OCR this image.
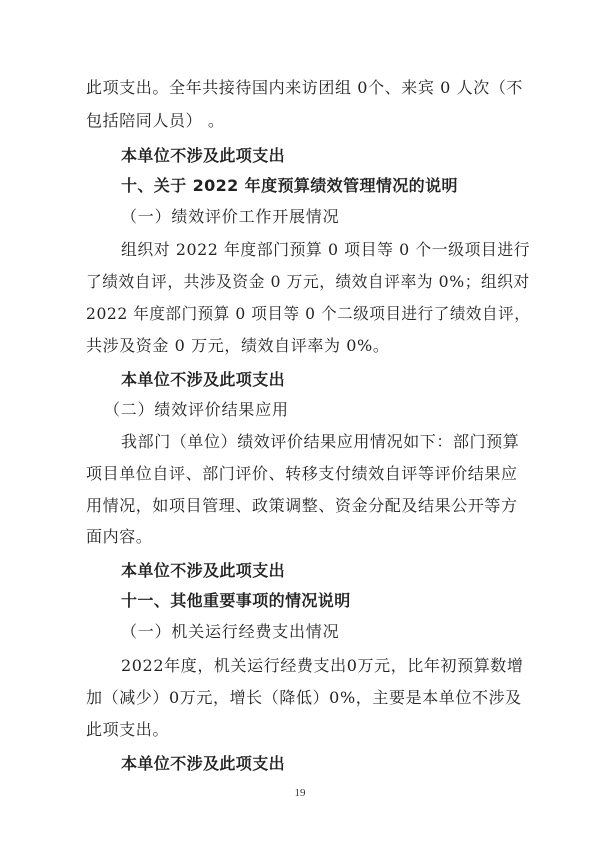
此项支出。全年共接待国内来访团组 0个、来宾 0 人次（不
包括陪同人员） 。
本单位不涉及此项支出
十、关于 2022 年度预算绩效管理情况的说明
（一）绩效评价工作开展情况
组织对 2022 年度部门预算 0 项目等 0 个一级项目进行
了绩效自评，共涉及资金 0 万元，绩效自评率为 0%；组织对
2022 年度部门预算 0 项目等 0 个二级项目进行了绩效自评，
共涉及资金 0 万元，绩效自评率为 0%。
本单位不涉及此项支出
（二）绩效评价结果应用
我部门（单位）绩效评价结果应用情况如下：部门预算
项目单位自评、部门评价、转移支付绩效自评等评价结果应
用情况，如项目管理、政策调整、资金分配及结果公开等方
面内容。
本单位不涉及此项支出
十一、其他重要事项的情况说明
（一）机关运行经费支出情况
2022年度，机关运行经费支出0万元，比年初预算数增
加（减少）0万元，增长（降低）0%，主要是本单位不涉及
此项支出。
本单位不涉及此项支出
19
